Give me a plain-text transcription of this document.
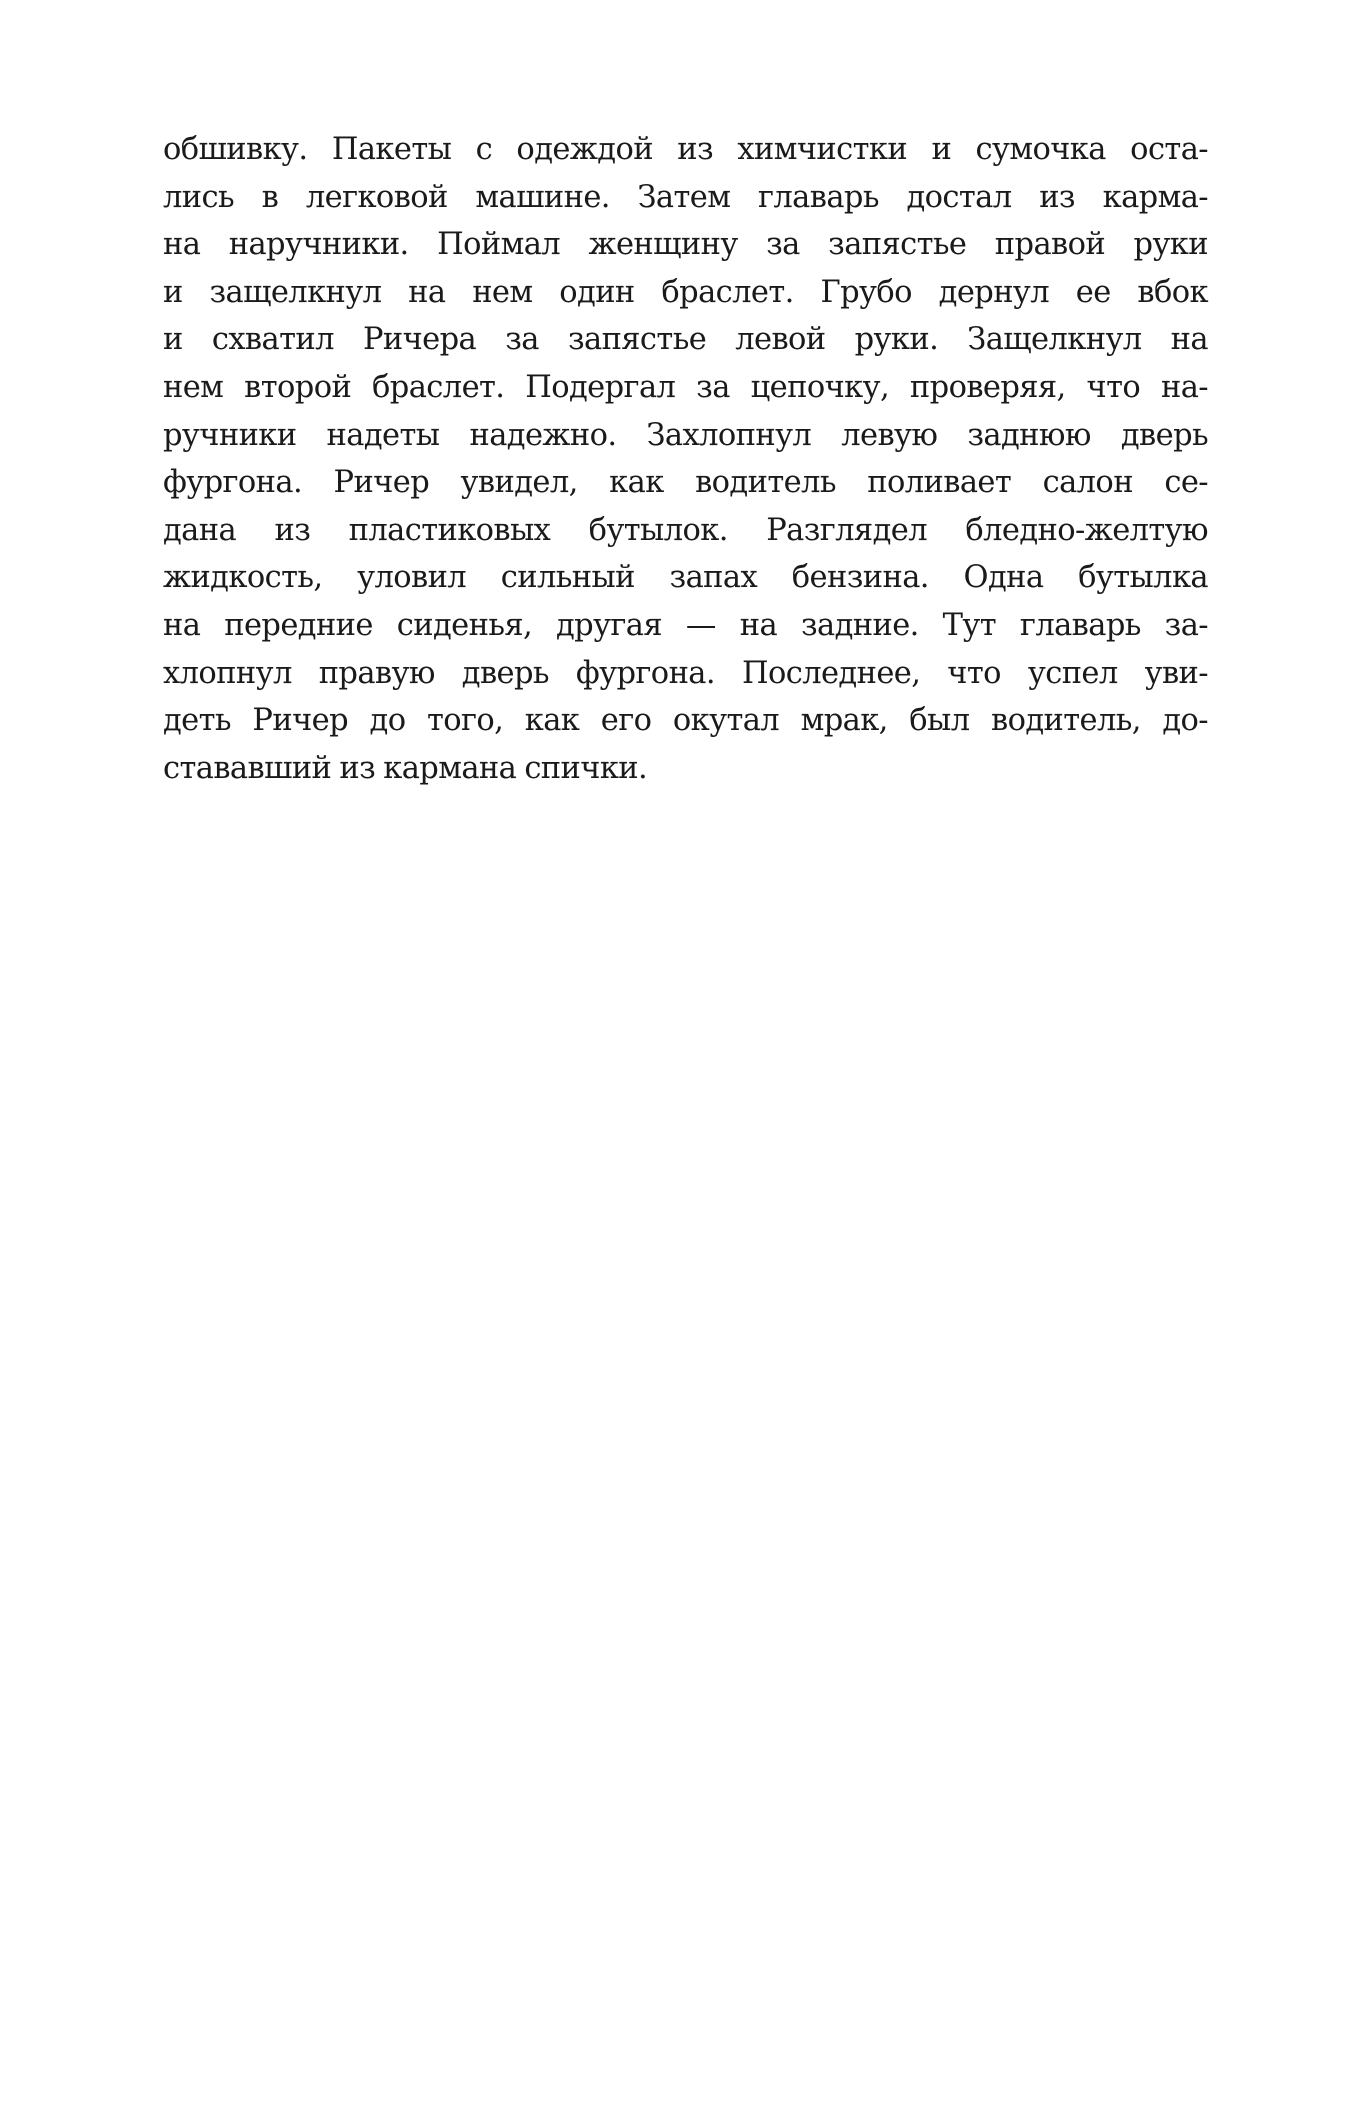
обшивку. Пакеты с одеждой из химчистки и сумочка оста-
лись в легковой машине. Затем главарь достал из карма-
на наручники. Поймал женщину за запястье правой руки
и защелкнул на нем один браслет. Грубо дернул ее вбок
и схватил Ричера за запястье левой руки. Защелкнул на
нем второй браслет. Подергал за цепочку, проверяя, что на-
ручники надеты надежно. Захлопнул левую заднюю дверь
фургона. Ричер увидел, как водитель поливает салон се-
дана из пластиковых бутылок. Разглядел бледно-желтую
жидкость, уловил сильный запах бензина. Одна бутылка
на передние сиденья, другая — на задние. Тут главарь за-
хлопнул правую дверь фургона. Последнее, что успел уви-
деть Ричер до того, как его окутал мрак, был водитель, до-
стававший из кармана спички.
